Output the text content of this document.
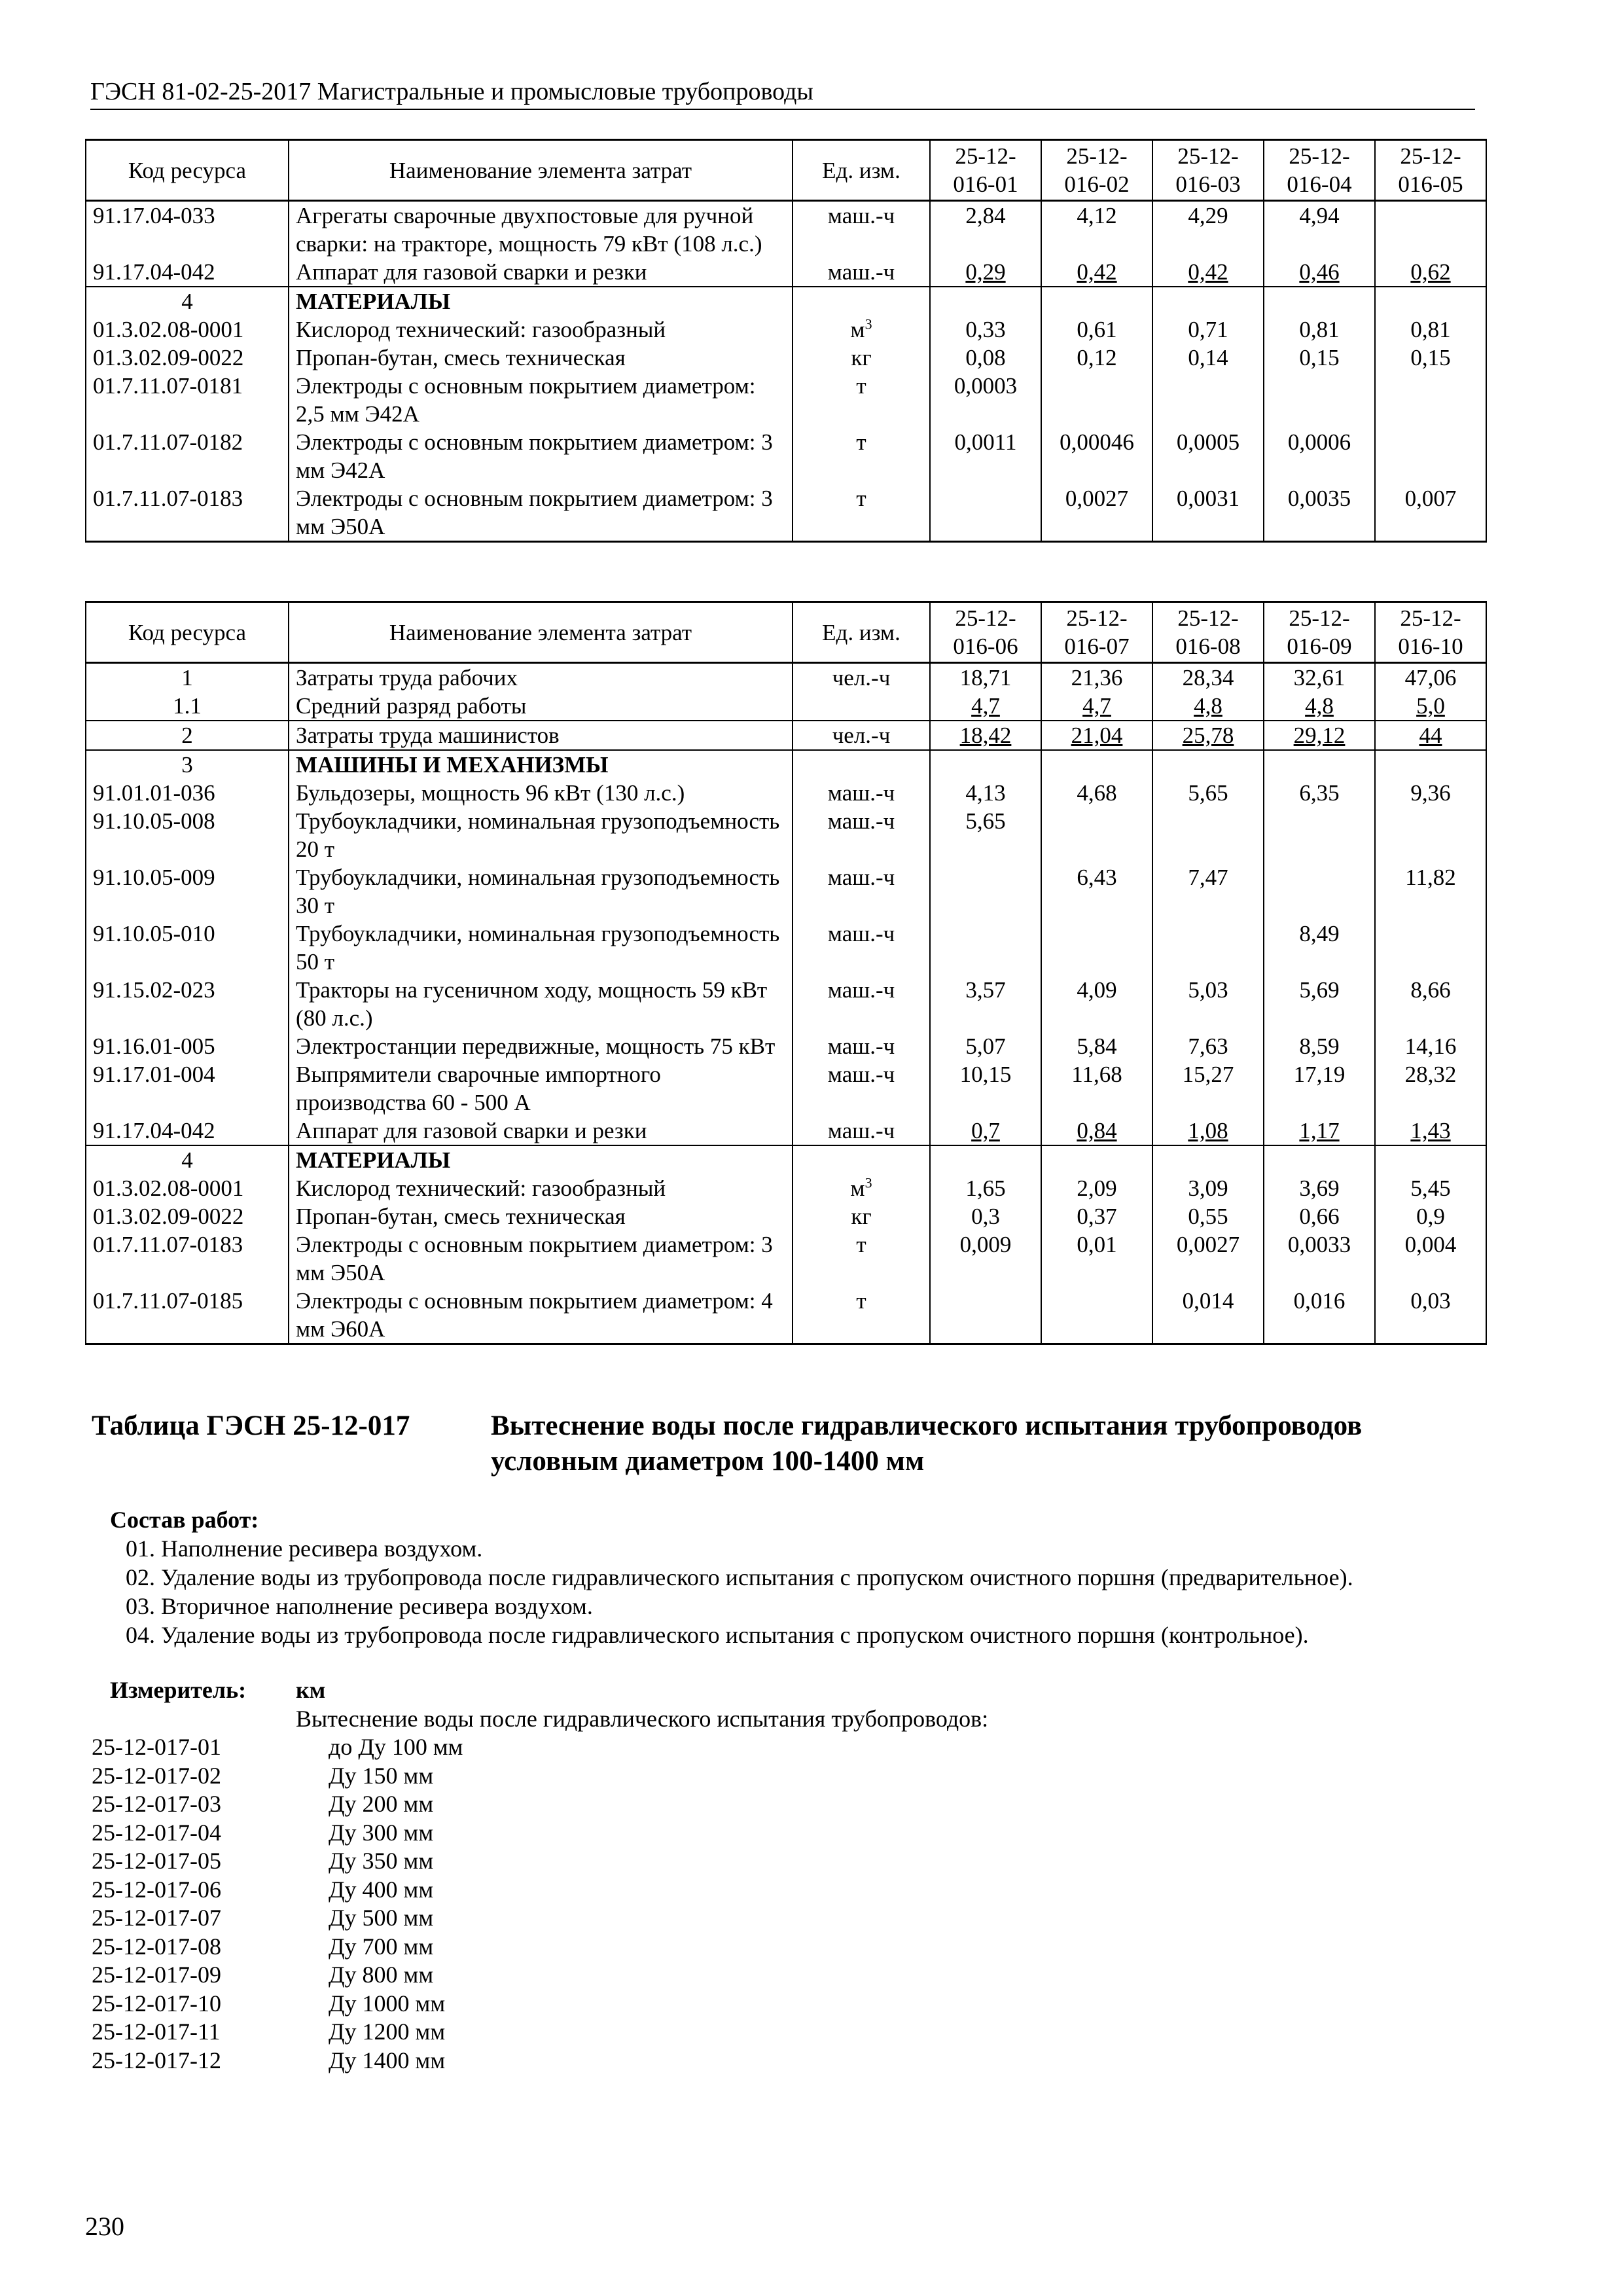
ГЭСН 81-02-25-2017 Магистральные и промысловые трубопроводы
Код ресурса	Наименование элемента затрат	Ед. изм.	25-12-016-01	25-12-016-02	25-12-016-03	25-12-016-04	25-12-016-05
91.17.04-033	Агрегаты сварочные двухпостовые для ручной сварки: на тракторе, мощность 79 кВт (108 л.с.)	маш.-ч	2,84	4,12	4,29	4,94	
91.17.04-042	Аппарат для газовой сварки и резки	маш.-ч	0,29	0,42	0,42	0,46	0,62
4	МАТЕРИАЛЫ						
01.3.02.08-0001	Кислород технический: газообразный	$м^3$	0,33	0,61	0,71	0,81	0,81
01.3.02.09-0022	Пропан-бутан, смесь техническая	кг	0,08	0,12	0,14	0,15	0,15
01.7.11.07-0181	Электроды с основным покрытием диаметром: 2,5 мм Э42А	т	0,0003				
01.7.11.07-0182	Электроды с основным покрытием диаметром: 3 мм Э42А	т	0,0011	0,00046	0,0005	0,0006	
01.7.11.07-0183	Электроды с основным покрытием диаметром: 3 мм Э50А	т		0,0027	0,0031	0,0035	0,007
Код ресурса	Наименование элемента затрат	Ед. изм.	25-12-016-06	25-12-016-07	25-12-016-08	25-12-016-09	25-12-016-10
1	Затраты труда рабочих	чел.-ч	18,71	21,36	28,34	32,61	47,06
1.1	Средний разряд работы		4,7	4,7	4,8	4,8	5,0
2	Затраты труда машинистов	чел.-ч	18,42	21,04	25,78	29,12	44
3	МАШИНЫ И МЕХАНИЗМЫ						
91.01.01-036	Бульдозеры, мощность 96 кВт (130 л.с.)	маш.-ч	4,13	4,68	5,65	6,35	9,36
91.10.05-008	Трубоукладчики, номинальная грузоподъемность 20 т	маш.-ч	5,65				
91.10.05-009	Трубоукладчики, номинальная грузоподъемность 30 т	маш.-ч		6,43	7,47		11,82
91.10.05-010	Трубоукладчики, номинальная грузоподъемность 50 т	маш.-ч				8,49	
91.15.02-023	Тракторы на гусеничном ходу, мощность 59 кВт (80 л.с.)	маш.-ч	3,57	4,09	5,03	5,69	8,66
91.16.01-005	Электростанции передвижные, мощность 75 кВт	маш.-ч	5,07	5,84	7,63	8,59	14,16
91.17.01-004	Выпрямители сварочные импортного производства 60 - 500 А	маш.-ч	10,15	11,68	15,27	17,19	28,32
91.17.04-042	Аппарат для газовой сварки и резки	маш.-ч	0,7	0,84	1,08	1,17	1,43
4	МАТЕРИАЛЫ						
01.3.02.08-0001	Кислород технический: газообразный	$м^3$	1,65	2,09	3,09	3,69	5,45
01.3.02.09-0022	Пропан-бутан, смесь техническая	кг	0,3	0,37	0,55	0,66	0,9
01.7.11.07-0183	Электроды с основным покрытием диаметром: 3 мм Э50А	т	0,009	0,01	0,0027	0,0033	0,004
01.7.11.07-0185	Электроды с основным покрытием диаметром: 4 мм Э60А	т			0,014	0,016	0,03
Таблица ГЭСН 25-12-017	Вытеснение воды после гидравлического испытания трубопроводов условным диаметром 100-1400 мм
Состав работ:
01. Наполнение ресивера воздухом.
02. Удаление воды из трубопровода после гидравлического испытания с пропуском очистного поршня (предварительное).
03. Вторичное наполнение ресивера воздухом.
04. Удаление воды из трубопровода после гидравлического испытания с пропуском очистного поршня (контрольное).
Измеритель: км
Вытеснение воды после гидравлического испытания трубопроводов:
25-12-017-01	до Ду 100 мм
25-12-017-02	Ду 150 мм
25-12-017-03	Ду 200 мм
25-12-017-04	Ду 300 мм
25-12-017-05	Ду 350 мм
25-12-017-06	Ду 400 мм
25-12-017-07	Ду 500 мм
25-12-017-08	Ду 700 мм
25-12-017-09	Ду 800 мм
25-12-017-10	Ду 1000 мм
25-12-017-11	Ду 1200 мм
25-12-017-12	Ду 1400 мм
230
